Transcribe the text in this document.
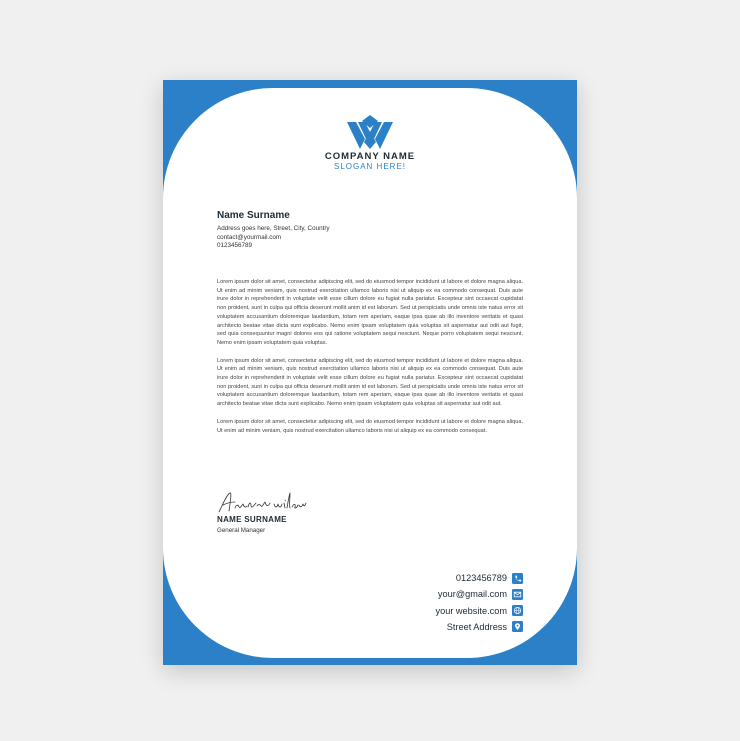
COMPANY NAME
SLOGAN HERE!
Name Surname
Address goes here, Street, City, Country
contact@yourmail.com
0123456789

Lorem ipsum dolor sit amet, consectetur adipiscing elit, sed do eiusmod tempor incididunt ut labore et dolore magna aliqua. Ut enim ad minim veniam, quis nostrud exercitation ullamco laboris nisi ut aliquip ex ea commodo consequat. Duis aute irure dolor in reprehenderit in voluptate velit esse cillum dolore eu fugiat nulla pariatur. Excepteur sint occaecat cupidatat non proident, sunt in culpa qui officia deserunt mollit anim id est laborum. Sed ut perspiciatis unde omnis iste natus error sit voluptatem accusantium doloremque laudantium, totam rem aperiam, eaque ipsa quae ab illo inventore veritatis et quasi architecto beatae vitae dicta sunt explicabo. Nemo enim ipsam voluptatem quia voluptas sit aspernatur aut odit aut fugit, sed quia consequuntur magni dolores eos qui ratione voluptatem sequi nesciunt. Neque porro voluptatem sequi nesciunt. Nemo enim ipsam voluptatem quia voluptas.

Lorem ipsum dolor sit amet, consectetur adipiscing elit, sed do eiusmod tempor incididunt ut labore et dolore magna aliqua. Ut enim ad minim veniam, quis nostrud exercitation ullamco laboris nisi ut aliquip ex ea commodo consequat. Duis aute irure dolor in reprehenderit in voluptate velit esse cillum dolore eu fugiat nulla pariatur. Excepteur sint occaecat cupidatat non proident, sunt in culpa qui officia deserunt mollit anim id est laborum. Sed ut perspiciatis unde omnis iste natus error sit voluptatem accusantium doloremque laudantium, totam rem aperiam, eaque ipsa quae ab illo inventore veritatis et quasi architecto beatae vitae dicta sunt explicabo. Nemo enim ipsam voluptatem quia voluptas sit aspernatur aut odit aut.

Lorem ipsum dolor sit amet, consectetur adipiscing elit, sed do eiusmod tempor incididunt ut labore et dolore magna aliqua. Ut enim ad minim veniam, quis nostrud exercitation ullamco laboris nisi ut aliquip ex ea commodo consequat.

NAME SURNAME
General Manager
0123456789
your@gmail.com
your website.com
Street Address
